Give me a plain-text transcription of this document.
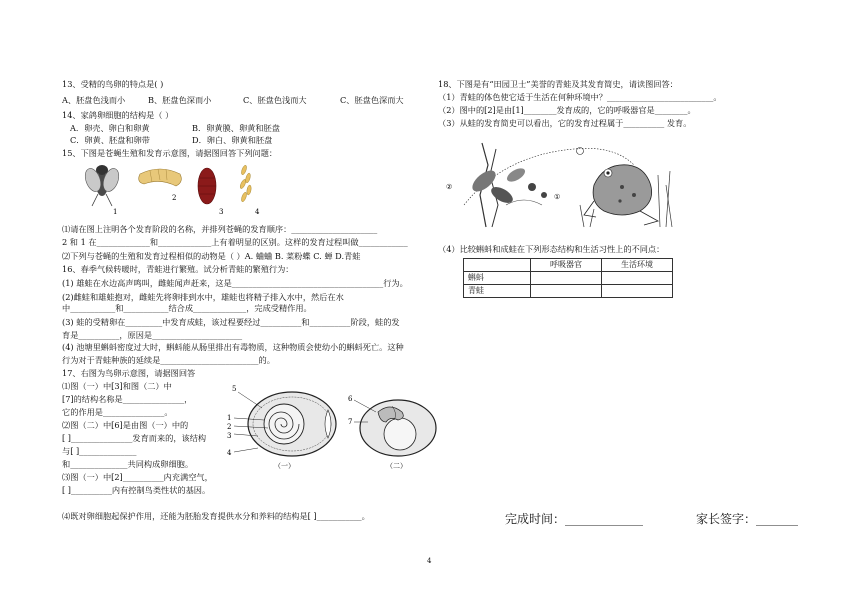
13、受精的鸟卵的特点是( )
A、胚盘色浅而小	B、胚盘色深而小	C、胚盘色浅而大	C、胚盘色深而大
14、家鸽卵细胞的结构是（ ）
A．卵壳、卵白和卵黄	B．卵黄膜、卵黄和胚盘
C．卵黄、胚盘和卵带	D．卵白、卵黄和胚盘
15、下图是苍蝇生殖和发育示意图，请据图回答下列问题：
1
2
3	4
⑴请在图上注明各个发育阶段的名称，并排列苍蝇的发育顺序：_____________________
2 和 1 在_____________和_____________上有着明显的区别。这样的发育过程叫做____________
⑵下列与苍蝇的生殖和发育过程相似的动物是（ ）A. 蛐蛐 B. 菜粉蝶 C. 蝉 D.青蛙
16、春季气候转暖时，青蛙进行繁殖。试分析青蛙的繁殖行为：
(1) 雄蛙在水边高声鸣叫，雌蛙闻声赶来，这是_____________________________________行为。
(2)雌蛙和雄蛙抱对，雌蛙先将卵排到水中，雄蛙也将精子排入水中，然后在水
中___________和___________结合成_____________，完成受精作用。
(3) 蛙的受精卵在_________中发育成蛙，该过程要经过__________和__________阶段，蛙的发
育是__________，原因是______________________
(4) 池塘里蝌蚪密度过大时，蝌蚪能从肠里排出有毒物质，这种物质会使幼小的蝌蚪死亡。这种
行为对于青蛙种族的延续是________________________的。
17、右图为鸟卵示意图，请据图回答
⑴图（一）中[3]和图（二）中
[7]的结构名称是_______________，
它的作用是_______________。
⑵图（二）中[6]是由图（一）中的
[ ]_______________发育而来的，该结构
与[ ]______________
和______________共同构成卵细胞。
⑶图（一）中[2]__________内充满空气，
[ ]__________内有控制鸟类性状的基因。
⑷既对卵细胞起保护作用，还能为胚胎发育提供水分和养料的结构是[ ]___________。
5
1
2
3
4
（一）
6
7
（二）
18、下图是有“田园卫士”美誉的青蛙及其发育简史，请读图回答：
（1）青蛙的体色使它适于生活在何种环境中？__________________________。
（2）图中的[2]是由[1]________发育成的，它的呼吸器官是________。
（3）从蛙的发育简史可以看出，它的发育过程属于__________ 发育。
②
①
（4）比较蝌蚪和成蛙在下列形态结构和生活习性上的不同点：
	呼吸器官	生活环境
蝌蚪		
青蛙		
完成时间：_____________	家长签字：_______
4
